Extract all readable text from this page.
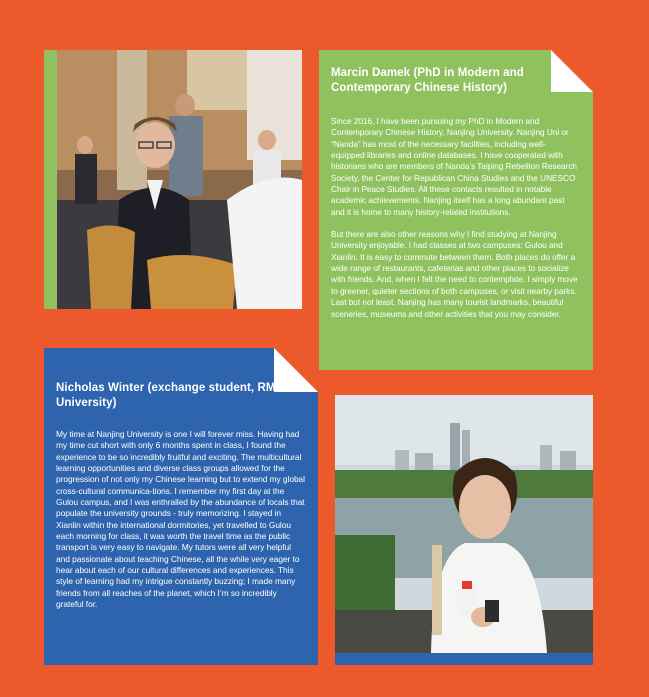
Marcin Damek (PhD in Modern and Contemporary Chinese History)

Since 2016, I have been pursuing my PhD in Modern and Contemporary Chinese History, Nanjing University. Nanjing Uni or “Nanda” has most of the necessary facilities, including well-equipped libraries and online databases. I have cooperated with historians who are members of Nanda’s Taiping Rebellion Research Society, the Center for Republican China Studies and the UNESCO Chair in Peace Studies. All these contacts resulted in notable academic achievements. Nanjing itself has a long abundant past and it is home to many history-related institutions.

But there are also other reasons why I find studying at Nanjing University enjoyable. I had classes at two campuses: Gulou and Xianlin. It is easy to commute between them. Both places do offer a wide range of restaurants, cafeterias and other places to socialize with friends. And, when I felt the need to contemplate, I simply move to greener, quieter sections of both campuses, or visit nearby parks. Last but not least, Nanjing has many tourist landmarks, beautiful sceneries, museums and other activities that you may consider.

Nicholas Winter (exchange student, RMIT University)

My time at Nanjing University is one I will forever miss. Having had my time cut short with only 6 months spent in class, I found the experience to be so incredibly fruitful and exciting. The multicultural learning opportunities and diverse class groups allowed for the progression of not only my Chinese learning but to extend my global cross-cultural communica-tions. I remember my first day at the Gulou campus, and I was enthralled by the abundance of locals that populate the university grounds - truly memorizing. I stayed in Xianlin within the international dormitories, yet travelled to Gulou each morning for class, it was worth the travel time as the public transport is very easy to navigate. My tutors were all very helpful and passionate about teaching Chinese, all the while very eager to hear about each of our cultural differences and experiences. This style of learning had my intrigue constantly buzzing; I made many friends from all reaches of the planet, which I’m so incredibly grateful for.
